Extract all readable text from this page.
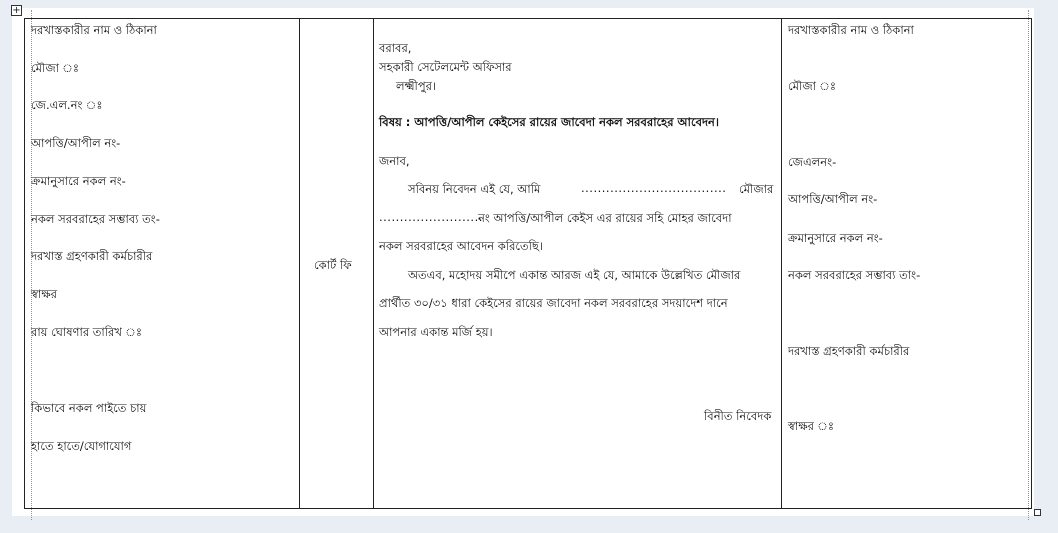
+
দরখাস্তকারীর নাম ও ঠিকানা
মৌজা ঃ
জে.এল.নং ঃ
আপত্তি/আপীল নং-
ক্রমানুসারে নকল নং-
নকল সরবরাহের সম্ভাব্য তং-
দরখাস্ত গ্রহণকারী কর্মচারীর
স্বাক্ষর
রায় ঘোষণার তারিখ ঃ
কিভাবে নকল পাইতে চায়
হাতে হাতে/যোগাযোগ
কোর্ট ফি
বরাবর,
সহকারী সেটেলমেন্ট অফিসার
লক্ষ্মীপুর।
বিষয় : আপত্তি/আপীল কেইসের রায়ের জাবেদা নকল সরবরাহের আবেদন।
জনাব,
সবিনয় নিবেদন এই যে, আমি	................................... মৌজার
.........................
নং আপত্তি/আপীল কেইস এর রায়ের সহি মোহর জাবেদা
নকল সরবরাহের আবেদন করিতেছি।
অতএব, মহোদয় সমীপে একান্ত আরজ এই যে, আমাকে উল্লেখিত মৌজার
প্রার্থীত ৩০/৩১ ধারা কেইসের রায়ের জাবেদা নকল সরবরাহের সদয়াদেশ দানে
আপনার একান্ত মর্জি হয়।
বিনীত নিবেদক
দরখাস্তকারীর নাম ও ঠিকানা
মৌজা ঃ
জেএলনং-
আপত্তি/আপীল নং-
ক্রমানুসারে নকল নং-
নকল সরবরাহের সম্ভাব্য তাং-
দরখাস্ত গ্রহণকারী কর্মচারীর
স্বাক্ষর ঃ
